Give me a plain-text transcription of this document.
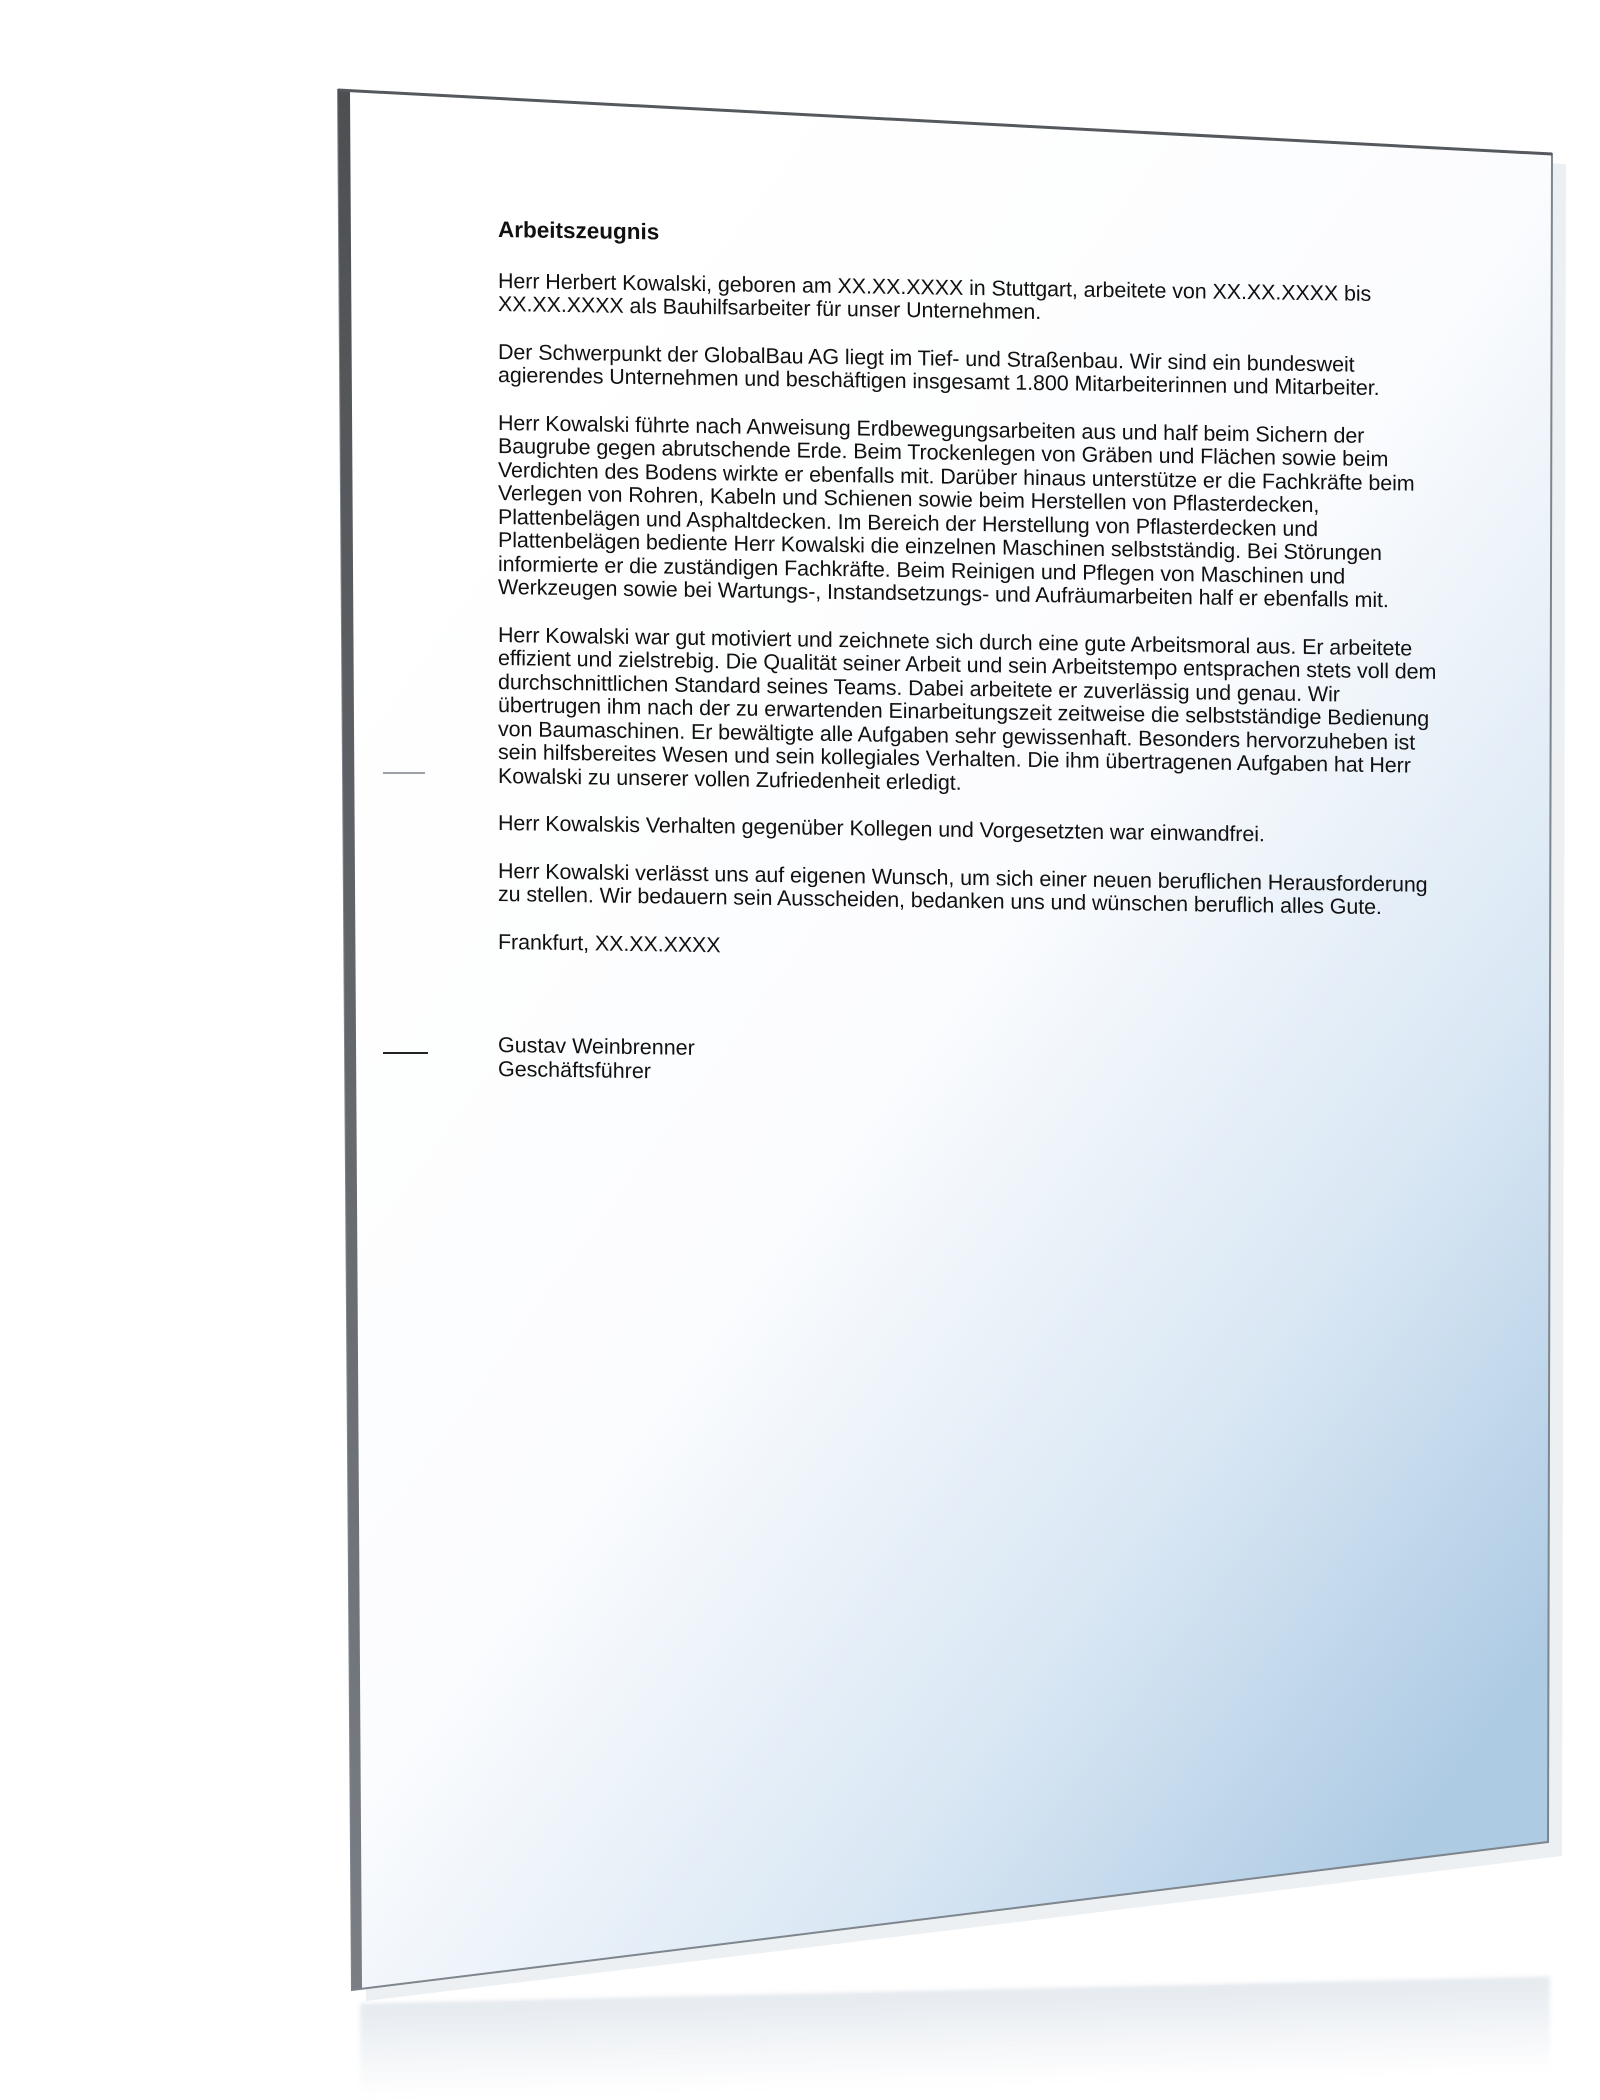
Arbeitszeugnis

Herr Herbert Kowalski, geboren am XX.XX.XXXX in Stuttgart, arbeitete von XX.XX.XXXX bis XX.XX.XXXX als Bauhilfsarbeiter für unser Unternehmen.

Der Schwerpunkt der GlobalBau AG liegt im Tief- und Straßenbau. Wir sind ein bundesweit agierendes Unternehmen und beschäftigen insgesamt 1.800 Mitarbeiterinnen und Mitarbeiter.

Herr Kowalski führte nach Anweisung Erdbewegungsarbeiten aus und half beim Sichern der Baugrube gegen abrutschende Erde. Beim Trockenlegen von Gräben und Flächen sowie beim Verdichten des Bodens wirkte er ebenfalls mit. Darüber hinaus unterstütze er die Fachkräfte beim Verlegen von Rohren, Kabeln und Schienen sowie beim Herstellen von Pflasterdecken, Plattenbelägen und Asphaltdecken. Im Bereich der Herstellung von Pflasterdecken und Plattenbelägen bediente Herr Kowalski die einzelnen Maschinen selbstständig. Bei Störungen informierte er die zuständigen Fachkräfte. Beim Reinigen und Pflegen von Maschinen und Werkzeugen sowie bei Wartungs-, Instandsetzungs- und Aufräumarbeiten half er ebenfalls mit.

Herr Kowalski war gut motiviert und zeichnete sich durch eine gute Arbeitsmoral aus. Er arbeitete effizient und zielstrebig. Die Qualität seiner Arbeit und sein Arbeitstempo entsprachen stets voll dem durchschnittlichen Standard seines Teams. Dabei arbeitete er zuverlässig und genau. Wir übertrugen ihm nach der zu erwartenden Einarbeitungszeit zeitweise die selbstständige Bedienung von Baumaschinen. Er bewältigte alle Aufgaben sehr gewissenhaft. Besonders hervorzuheben ist sein hilfsbereites Wesen und sein kollegiales Verhalten. Die ihm übertragenen Aufgaben hat Herr Kowalski zu unserer vollen Zufriedenheit erledigt.

Herr Kowalskis Verhalten gegenüber Kollegen und Vorgesetzten war einwandfrei.

Herr Kowalski verlässt uns auf eigenen Wunsch, um sich einer neuen beruflichen Herausforderung zu stellen. Wir bedauern sein Ausscheiden, bedanken uns und wünschen beruflich alles Gute.

Frankfurt, XX.XX.XXXX

Gustav Weinbrenner
Geschäftsführer
